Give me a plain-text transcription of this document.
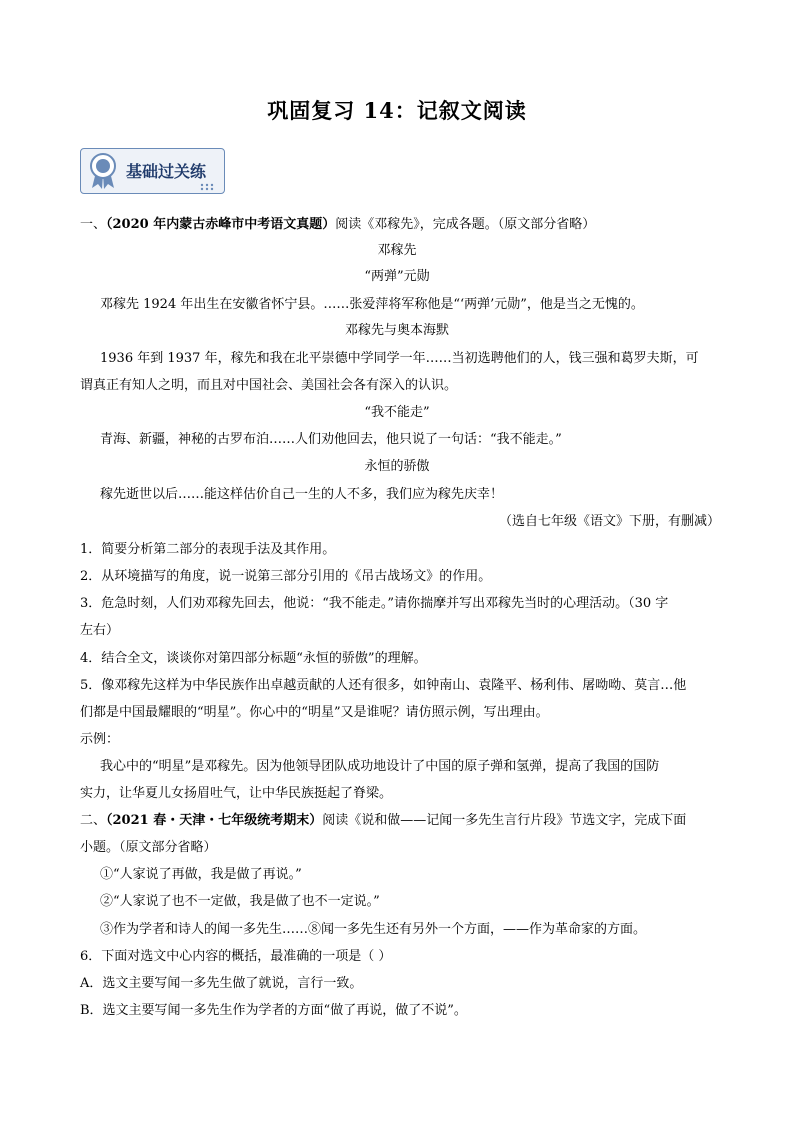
巩固复习 14：记叙文阅读
基础过关练
一、（2020 年内蒙古赤峰市中考语文真题）阅读《邓稼先》，完成各题。（原文部分省略）
邓稼先
“两弹”元勋
邓稼先 1924 年出生在安徽省怀宁县。……张爱萍将军称他是“‘两弹’元勋”，他是当之无愧的。
邓稼先与奥本海默
1936 年到 1937 年，稼先和我在北平崇德中学同学一年……当初选聘他们的人，钱三强和葛罗夫斯，可
谓真正有知人之明，而且对中国社会、美国社会各有深入的认识。
“我不能走”
青海、新疆，神秘的古罗布泊……人们劝他回去，他只说了一句话：“我不能走。”
永恒的骄傲
稼先逝世以后……能这样估价自己一生的人不多，我们应为稼先庆幸！
（选自七年级《语文》下册，有删减）
1．简要分析第二部分的表现手法及其作用。
2．从环境描写的角度，说一说第三部分引用的《吊古战场文》的作用。
3．危急时刻，人们劝邓稼先回去，他说：“我不能走。”请你揣摩并写出邓稼先当时的心理活动。（30 字
左右）
4．结合全文，谈谈你对第四部分标题“永恒的骄傲”的理解。
5．像邓稼先这样为中华民族作出卓越贡献的人还有很多，如钟南山、袁隆平、杨利伟、屠呦呦、莫言…他
们都是中国最耀眼的“明星”。你心中的“明星”又是谁呢？请仿照示例，写出理由。
示例：
我心中的“明星”是邓稼先。因为他领导团队成功地设计了中国的原子弹和氢弹，提高了我国的国防
实力，让华夏儿女扬眉吐气，让中华民族挺起了脊梁。
二、（2021 春・天津・七年级统考期末）阅读《说和做——记闻一多先生言行片段》节选文字，完成下面
小题。（原文部分省略）
①“人家说了再做，我是做了再说。”
②“人家说了也不一定做，我是做了也不一定说。”
③作为学者和诗人的闻一多先生……⑧闻一多先生还有另外一个方面，——作为革命家的方面。
6．下面对选文中心内容的概括，最准确的一项是（ ）
A．选文主要写闻一多先生做了就说，言行一致。
B．选文主要写闻一多先生作为学者的方面“做了再说，做了不说”。
